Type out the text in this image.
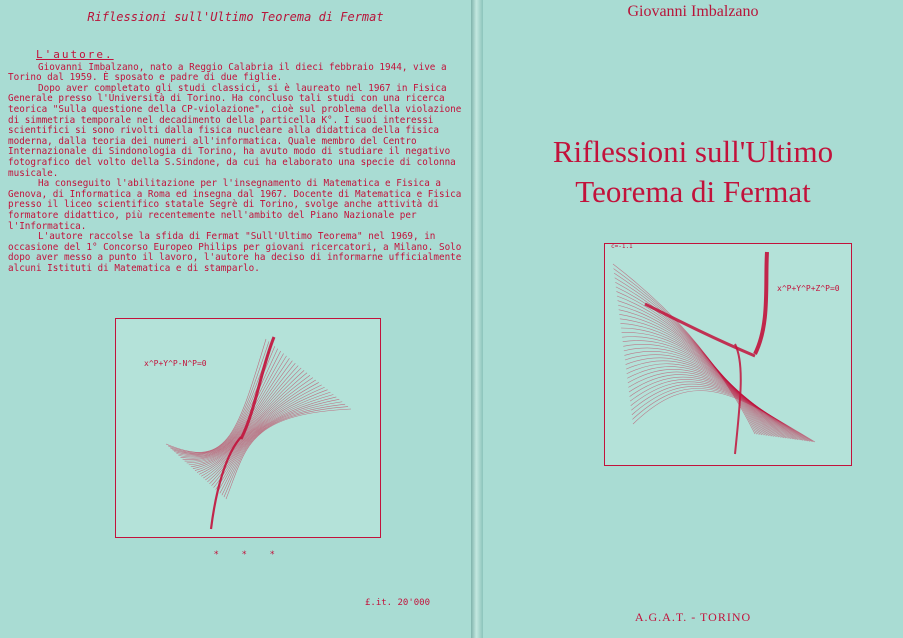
Riflessioni sull'Ultimo Teorema di Fermat
L'autore.

Giovanni Imbalzano, nato a Reggio Calabria il dieci febbraio 1944, vive a Torino dal 1959. È sposato e padre di due figlie.

Dopo aver completato gli studi classici, si è laureato nel 1967 in Fisica Generale presso l'Università di Torino. Ha concluso tali studi con una ricerca teorica "Sulla questione della CP-violazione", cioè sul problema della violazione di simmetria temporale nel decadimento della particella K°. I suoi interessi scientifici si sono rivolti dalla fisica nucleare alla didattica della fisica moderna, dalla teoria dei numeri all'informatica. Quale membro del Centro Internazionale di Sindonologia di Torino, ha avuto modo di studiare il negativo fotografico del volto della S.Sindone, da cui ha elaborato una specie di colonna musicale.

Ha conseguito l'abilitazione per l'insegnamento di Matematica e Fisica a Genova, di Informatica a Roma ed insegna dal 1967. Docente di Matematica e Fisica presso il liceo scientifico statale Segrè di Torino, svolge anche attività di formatore didattico, più recentemente nell'ambito del Piano Nazionale per l'Informatica.

L'autore raccolse la sfida di Fermat "Sull'Ultimo Teorema" nel 1969, in occasione del 1° Concorso Europeo Philips per giovani ricercatori, a Milano. Solo dopo aver messo a punto il lavoro, l'autore ha deciso di informarne ufficialmente alcuni Istituti di Matematica e di stamparlo.

x^P+Y^P-N^P=0
*	*	*
£.it. 20'000
Giovanni Imbalzano
Riflessioni sull'Ultimo
Teorema di Fermat
c=-1.1
x^P+Y^P+Z^P=0
A.G.A.T. - TORINO
